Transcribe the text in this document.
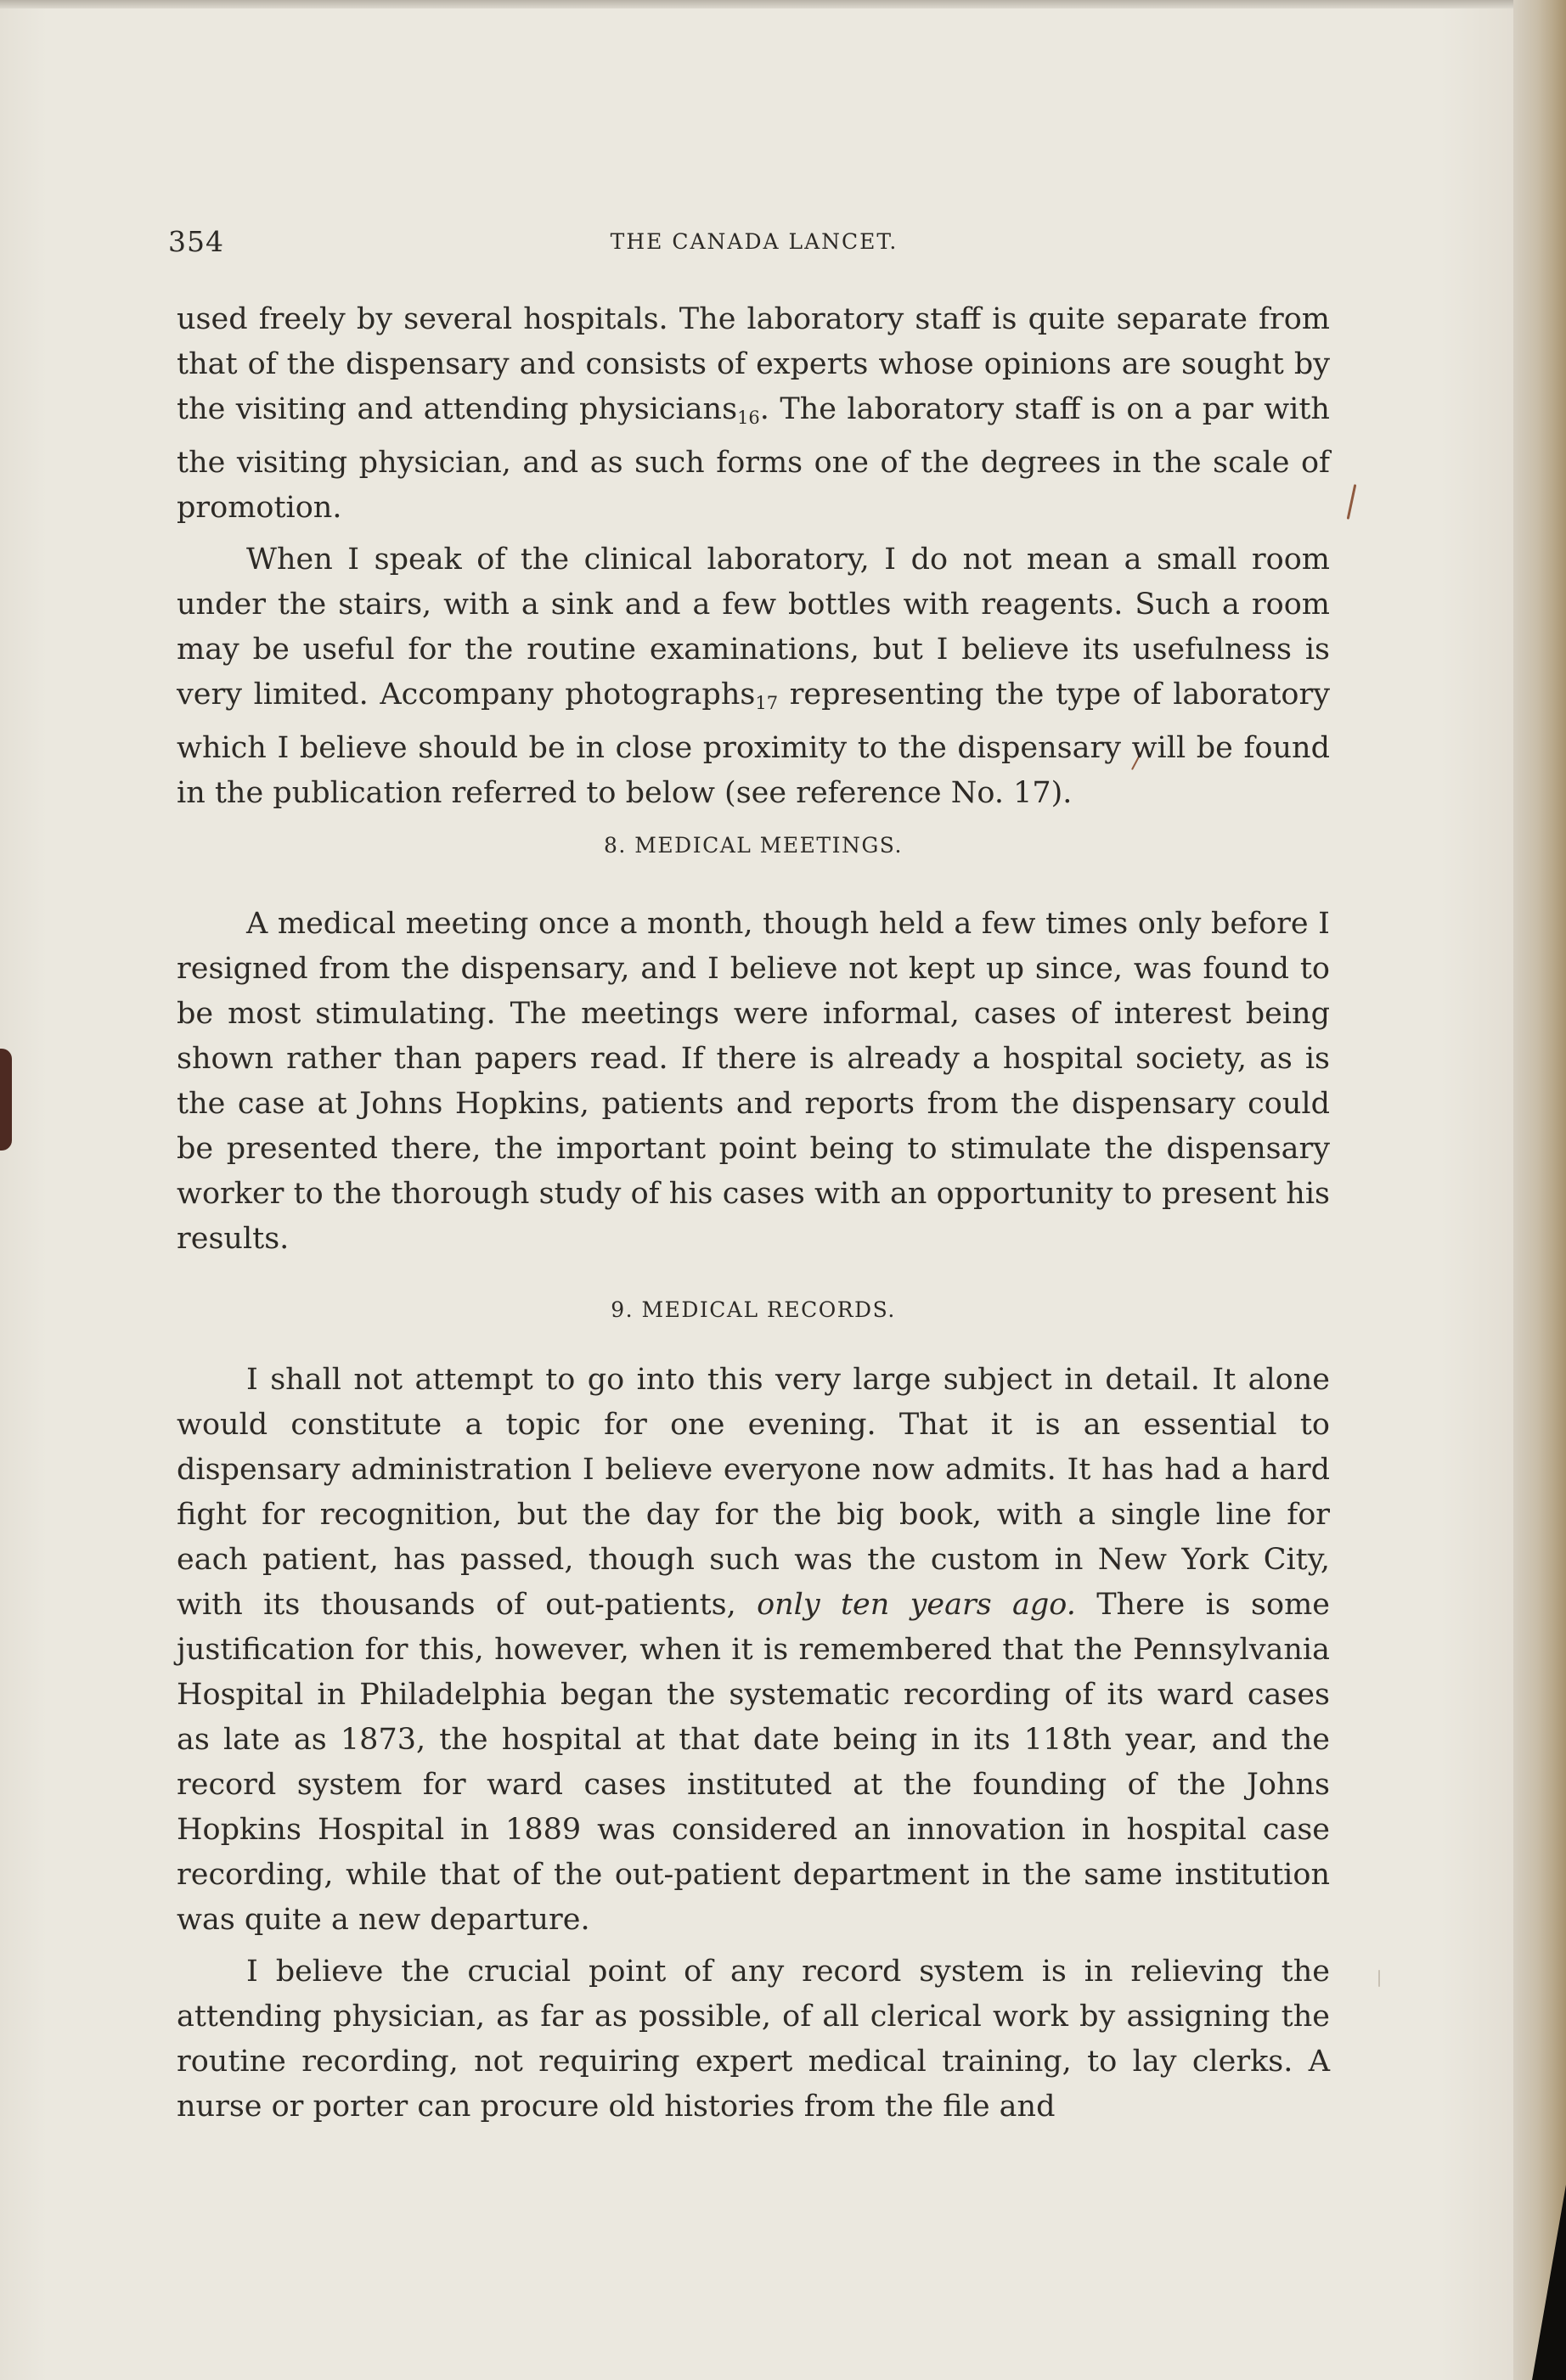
354	THE CANADA LANCET.

used freely by several hospitals. The laboratory staff is quite separate from that of the dispensary and consists of experts whose opinions are sought by the visiting and attending physicians$_{16}$. The laboratory staff is on a par with the visiting physician, and as such forms one of the degrees in the scale of promotion.

When I speak of the clinical laboratory, I do not mean a small room under the stairs, with a sink and a few bottles with reagents. Such a room may be useful for the routine examinations, but I believe its usefulness is very limited. Accompany photographs$_{17}$ representing the type of laboratory which I believe should be in close proximity to the dispensary will be found in the publication referred to below (see reference No. 17).

8. MEDICAL MEETINGS.

A medical meeting once a month, though held a few times only before I resigned from the dispensary, and I believe not kept up since, was found to be most stimulating. The meetings were informal, cases of interest being shown rather than papers read. If there is already a hospital society, as is the case at Johns Hopkins, patients and reports from the dispensary could be presented there, the important point being to stimulate the dispensary worker to the thorough study of his cases with an opportunity to present his results.

9. MEDICAL RECORDS.

I shall not attempt to go into this very large subject in detail. It alone would constitute a topic for one evening. That it is an essential to dispensary administration I believe everyone now admits. It has had a hard fight for recognition, but the day for the big book, with a single line for each patient, has passed, though such was the custom in New York City, with its thousands of out-patients, only ten years ago. There is some justification for this, however, when it is remembered that the Pennsylvania Hospital in Philadelphia began the systematic recording of its ward cases as late as 1873, the hospital at that date being in its 118th year, and the record system for ward cases instituted at the founding of the Johns Hopkins Hospital in 1889 was considered an innovation in hospital case recording, while that of the out-patient department in the same institution was quite a new departure.

I believe the crucial point of any record system is in relieving the attending physician, as far as possible, of all clerical work by assigning the routine recording, not requiring expert medical training, to lay clerks. A nurse or porter can procure old histories from the file and
